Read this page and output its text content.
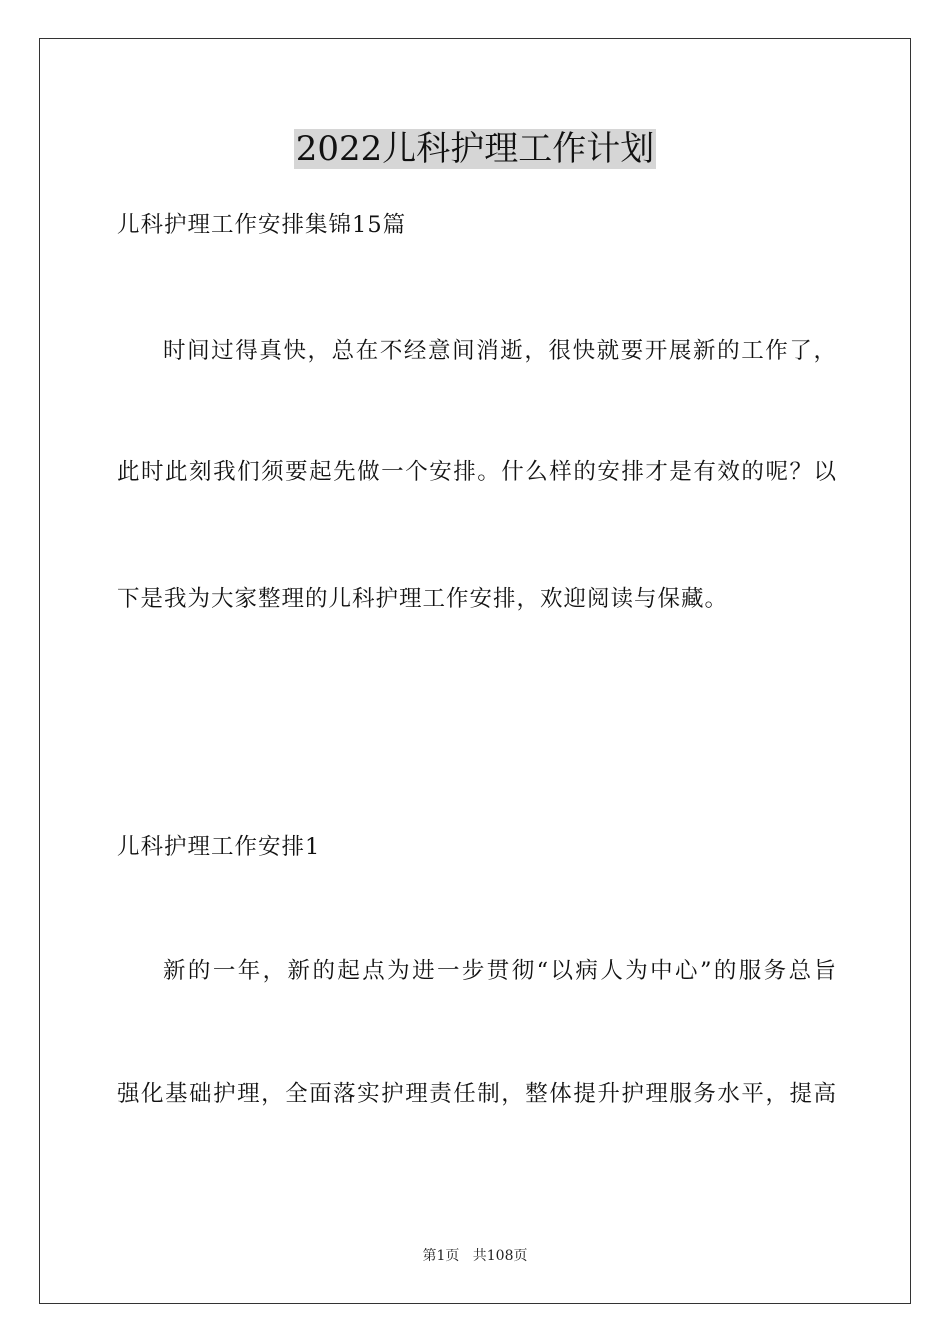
2022儿科护理工作计划

儿科护理工作安排集锦15篇

时间过得真快，总在不经意间消逝，很快就要开展新的工作了，

此时此刻我们须要起先做一个安排。什么样的安排才是有效的呢？以

下是我为大家整理的儿科护理工作安排，欢迎阅读与保藏。

儿科护理工作安排1

新的一年，新的起点为进一步贯彻“以病人为中心”的服务总旨

强化基础护理，全面落实护理责任制，整体提升护理服务水平，提高

第1页   共108页
